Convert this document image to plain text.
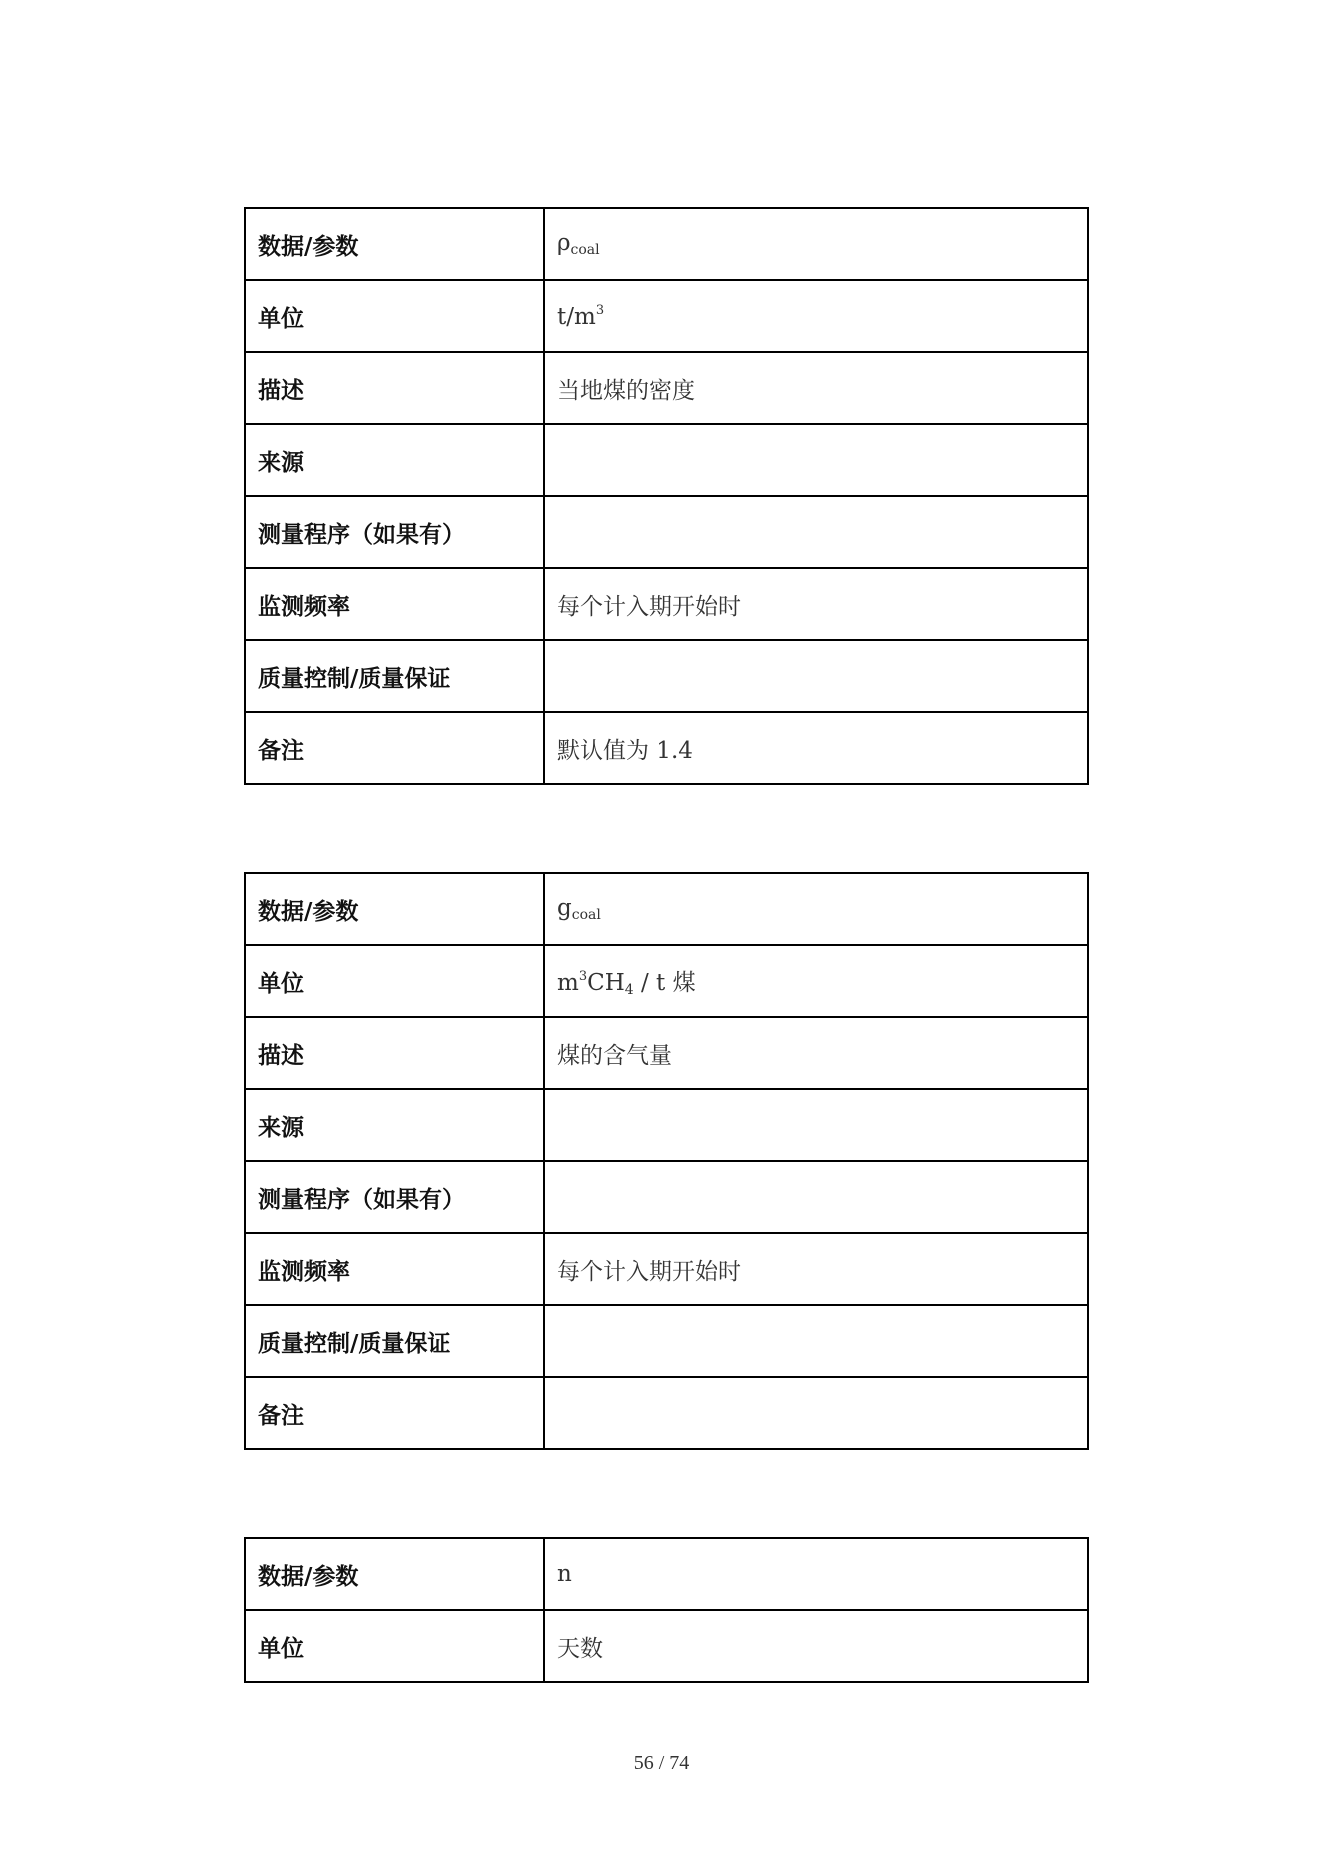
数据/参数	$\rho_{coal}$
单位	$t/m^3$
描述	当地煤的密度
来源	
测量程序（如果有）	
监测频率	每个计入期开始时
质量控制/质量保证	
备注	默认值为 1.4
数据/参数	$g_{coal}$
单位	$m^3CH_4$ / t 煤
描述	煤的含气量
来源	
测量程序（如果有）	
监测频率	每个计入期开始时
质量控制/质量保证	
备注	
数据/参数	n
单位	天数
56 / 74
